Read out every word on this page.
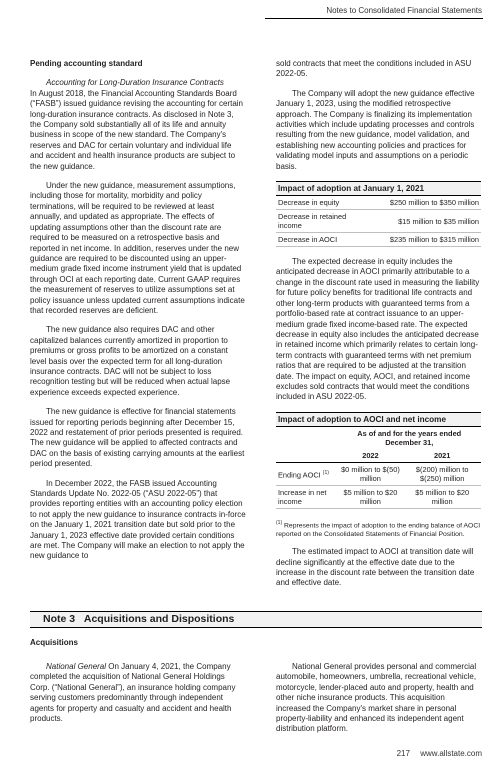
Notes to Consolidated Financial Statements

Pending accounting standard

Accounting for Long-Duration Insurance Contracts
In August 2018, the Financial Accounting Standards Board (“FASB”) issued guidance revising the accounting for certain long-duration insurance contracts. As disclosed in Note 3, the Company sold substantially all of its life and annuity business in scope of the new standard. The Company's reserves and DAC for certain voluntary and individual life and accident and health insurance products are subject to the new guidance.

Under the new guidance, measurement assumptions, including those for mortality, morbidity and policy terminations, will be required to be reviewed at least annually, and updated as appropriate. The effects of updating assumptions other than the discount rate are required to be measured on a retrospective basis and reported in net income. In addition, reserves under the new guidance are required to be discounted using an upper-medium grade fixed income instrument yield that is updated through OCI at each reporting date. Current GAAP requires the measurement of reserves to utilize assumptions set at policy issuance unless updated current assumptions indicate that recorded reserves are deficient.

The new guidance also requires DAC and other capitalized balances currently amortized in proportion to premiums or gross profits to be amortized on a constant level basis over the expected term for all long-duration insurance contracts. DAC will not be subject to loss recognition testing but will be reduced when actual lapse experience exceeds expected experience.

The new guidance is effective for financial statements issued for reporting periods beginning after December 15, 2022 and restatement of prior periods presented is required. The new guidance will be applied to affected contracts and DAC on the basis of existing carrying amounts at the earliest period presented.

In December 2022, the FASB issued Accounting Standards Update No. 2022-05 (“ASU 2022-05”) that provides reporting entities with an accounting policy election to not apply the new guidance to insurance contracts in-force on the January 1, 2021 transition date but sold prior to the January 1, 2023 effective date provided certain conditions are met. The Company will make an election to not apply the new guidance to

sold contracts that meet the conditions included in ASU 2022-05.

The Company will adopt the new guidance effective January 1, 2023, using the modified retrospective approach. The Company is finalizing its implementation activities which include updating processes and controls resulting from the new guidance, model validation, and establishing new accounting policies and practices for validating model inputs and assumptions on a periodic basis.

Impact of adoption at January 1, 2021
Decrease in equity	$250 million to $350 million
Decrease in retained income	$15 million to $35 million
Decrease in AOCI	$235 million to $315 million

The expected decrease in equity includes the anticipated decrease in AOCI primarily attributable to a change in the discount rate used in measuring the liability for future policy benefits for traditional life contracts and other long-term products with guaranteed terms from a portfolio-based rate at contract issuance to an upper-medium grade fixed income-based rate. The expected decrease in equity also includes the anticipated decrease in retained income which primarily relates to certain long-term contracts with guaranteed terms with net premium ratios that are required to be adjusted at the transition date. The impact on equity, AOCI, and retained income excludes sold contracts that would meet the conditions included in ASU 2022-05.

Impact of adoption to AOCI and net income
	As of and for the years ended December 31,	
	2022	2021
Ending AOCI $^{(1)}$	$0 million to $(50) million	$(200) million to $(250) million
Increase in net income	$5 million to $20 million	$5 million to $20 million
$^{(1)}$ Represents the impact of adoption to the ending balance of AOCI reported on the Consolidated Statements of Financial Position.

The estimated impact to AOCI at transition date will decline significantly at the effective date due to the increase in the discount rate between the transition date and effective date.

Note 3 Acquisitions and Dispositions
Acquisitions

National General On January 4, 2021, the Company completed the acquisition of National General Holdings Corp. (“National General”), an insurance holding company serving customers predominantly through independent agents for property and casualty and accident and health products.

National General provides personal and commercial automobile, homeowners, umbrella, recreational vehicle, motorcycle, lender-placed auto and property, health and other niche insurance products. This acquisition increased the Company's market share in personal property-liability and enhanced its independent agent distribution platform.

217 www.allstate.com
